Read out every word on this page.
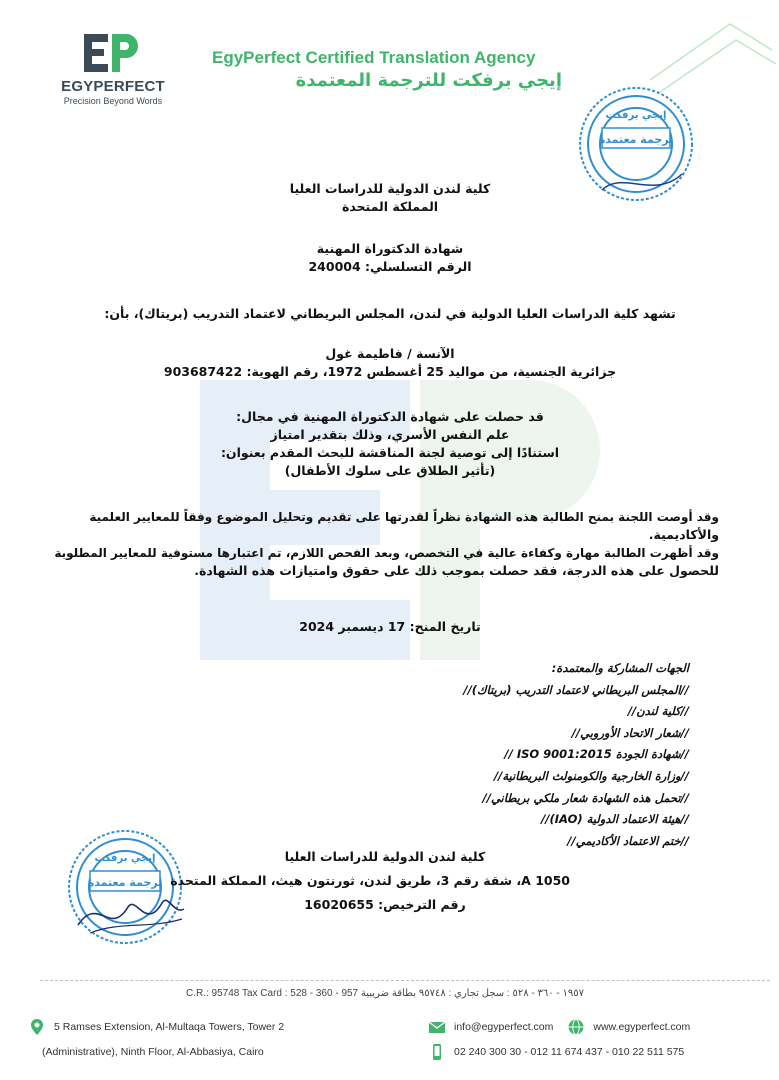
EGYPERFECT
Precision Beyond Words
EgyPerfect Certified Translation Agency
إيجي برفكت للترجمة المعتمدة
إيجي برفكت
ترجمة معتمدة

كلية لندن الدولية للدراسات العليا

المملكة المتحدة

شهادة الدكتوراة المهنية

الرقم التسلسلي: 240004

تشهد كلية الدراسات العليا الدولية في لندن، المجلس البريطاني لاعتماد التدريب (بريتاك)، بأن:

الآنسة / فاطيمة غول

جزائرية الجنسية، من مواليد 25 أغسطس 1972، رقم الهوية: 903687422

قد حصلت على شهادة الدكتوراة المهنية في مجال:

علم النفس الأسري، وذلك بتقدير امتياز

استنادًا إلى توصية لجنة المناقشة للبحث المقدم بعنوان:

(تأثير الطلاق على سلوك الأطفال)

وقد أوصت اللجنة بمنح الطالبة هذه الشهادة نظراً لقدرتها على تقديم وتحليل الموضوع وفقاً للمعايير العلمية

والأكاديمية.

وقد أظهرت الطالبة مهارة وكفاءة عالية في التخصص، وبعد الفحص اللازم، تم اعتبارها مستوفية للمعايير المطلوبة

للحصول على هذه الدرجة، فقد حصلت بموجب ذلك على حقوق وامتيازات هذه الشهادة.

تاريخ المنح: 17 ديسمبر 2024

الجهات المشاركة والمعتمدة:

//المجلس البريطاني لاعتماد التدريب (بريتاك)//

//كلية لندن//

//شعار الاتحاد الأوروبي//

//شهادة الجودة ISO 9001:2015 //

//وزارة الخارجية والكومنولث البريطانية//

//تحمل هذه الشهادة شعار ملكي بريطاني//

//هيئة الاعتماد الدولية (IAO)//

//ختم الاعتماد الأكاديمي//

إيجي برفكت
ترجمة معتمدة

كلية لندن الدولية للدراسات العليا

A 1050، شقة رقم 3، طريق لندن، ثورنتون هيث، المملكة المتحدة

رقم الترخيص: 16020655

C.R.: 95748 Tax Card : 528 - 360 - 957 ١٩٥٧ - ٣٦٠ - ٥٢٨ : سجل تجاري : ٩٥٧٤٨ بطاقة ضريبية
5 Ramses Extension, Al-Multaqa Towers, Tower 2
(Administrative), Ninth Floor, Al-Abbasiya, Cairo
info@egyperfect.com	www.egyperfect.com
02 240 300 30 - 012 11 674 437 - 010 22 511 575
